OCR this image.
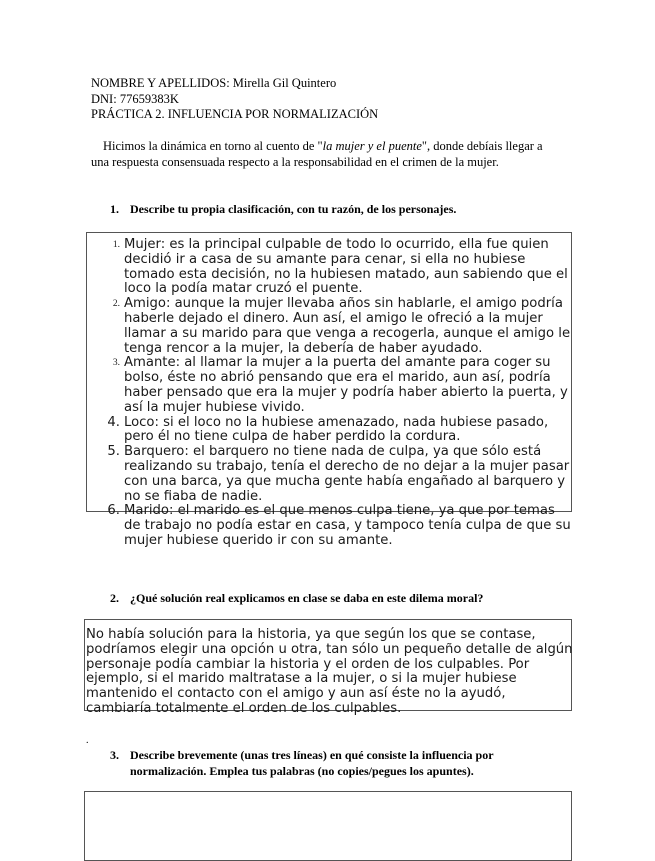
NOMBRE Y APELLIDOS: Mirella Gil Quintero
DNI: 77659383K
PRÁCTICA 2. INFLUENCIA POR NORMALIZACIÓN
Hicimos la dinámica en torno al cuento de "la mujer y el puente", donde debíais llegar a una respuesta consensuada respecto a la responsabilidad en el crimen de la mujer.
1. Describe tu propia clasificación, con tu razón, de los personajes.
1. Mujer: es la principal culpable de todo lo ocurrido, ella fue quien decidió ir a casa de su amante para cenar, si ella no hubiese tomado esta decisión, no la hubiesen matado, aun sabiendo que el loco la podía matar cruzó el puente.
2. Amigo: aunque la mujer llevaba años sin hablarle, el amigo podría haberle dejado el dinero. Aun así, el amigo le ofreció a la mujer llamar a su marido para que venga a recogerla, aunque el amigo le tenga rencor a la mujer, la debería de haber ayudado.
3. Amante: al llamar la mujer a la puerta del amante para coger su bolso, éste no abrió pensando que era el marido, aun así, podría haber pensado que era la mujer y podría haber abierto la puerta, y así la mujer hubiese vivido.
4. Loco: si el loco no la hubiese amenazado, nada hubiese pasado, pero él no tiene culpa de haber perdido la cordura.
5. Barquero: el barquero no tiene nada de culpa, ya que sólo está realizando su trabajo, tenía el derecho de no dejar a la mujer pasar con una barca, ya que mucha gente había engañado al barquero y no se fiaba de nadie.
6. Marido: el marido es el que menos culpa tiene, ya que por temas de trabajo no podía estar en casa, y tampoco tenía culpa de que su mujer hubiese querido ir con su amante.
2. ¿Qué solución real explicamos en clase se daba en este dilema moral?
No había solución para la historia, ya que según los que se contase, podríamos elegir una opción u otra, tan sólo un pequeño detalle de algún personaje podía cambiar la historia y el orden de los culpables. Por ejemplo, si el marido maltratase a la mujer, o si la mujer hubiese mantenido el contacto con el amigo y aun así éste no la ayudó, cambiaría totalmente el orden de los culpables.
.
3. Describe brevemente (unas tres líneas) en qué consiste la influencia por normalización. Emplea tus palabras (no copies/pegues los apuntes).
